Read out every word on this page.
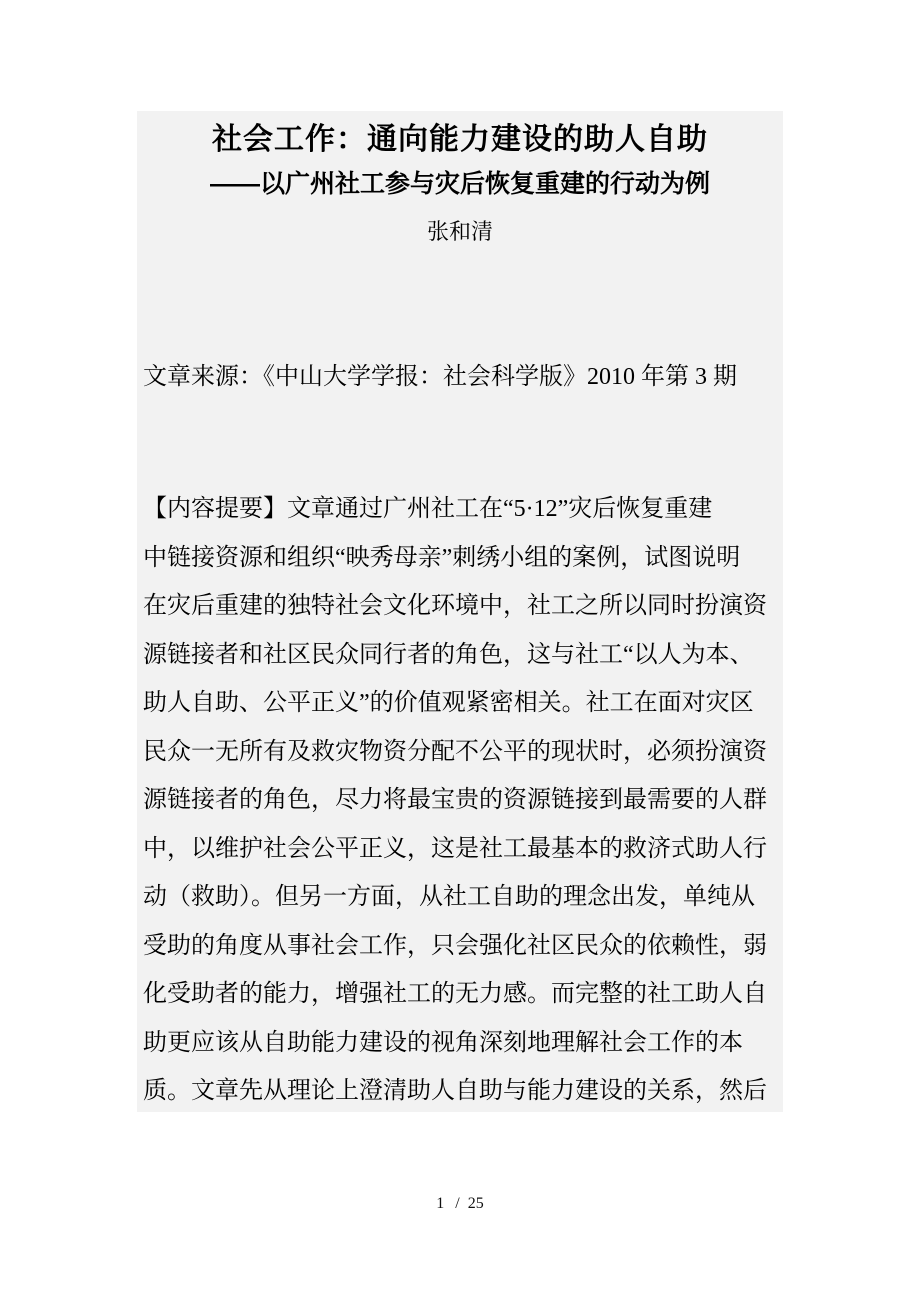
社会工作：通向能力建设的助人自助
——以广州社工参与灾后恢复重建的行动为例
张和清
文章来源：《中山大学学报：社会科学版》2010 年第 3 期
【内容提要】文章通过广州社工在“5·12”灾后恢复重建
中链接资源和组织“映秀母亲”刺绣小组的案例，试图说明
在灾后重建的独特社会文化环境中，社工之所以同时扮演资
源链接者和社区民众同行者的角色，这与社工“以人为本、
助人自助、公平正义”的价值观紧密相关。社工在面对灾区
民众一无所有及救灾物资分配不公平的现状时，必须扮演资
源链接者的角色，尽力将最宝贵的资源链接到最需要的人群
中，以维护社会公平正义，这是社工最基本的救济式助人行
动（救助）。但另一方面，从社工自助的理念出发，单纯从
受助的角度从事社会工作，只会强化社区民众的依赖性，弱
化受助者的能力，增强社工的无力感。而完整的社工助人自
助更应该从自助能力建设的视角深刻地理解社会工作的本
质。文章先从理论上澄清助人自助与能力建设的关系，然后
1 / 25
